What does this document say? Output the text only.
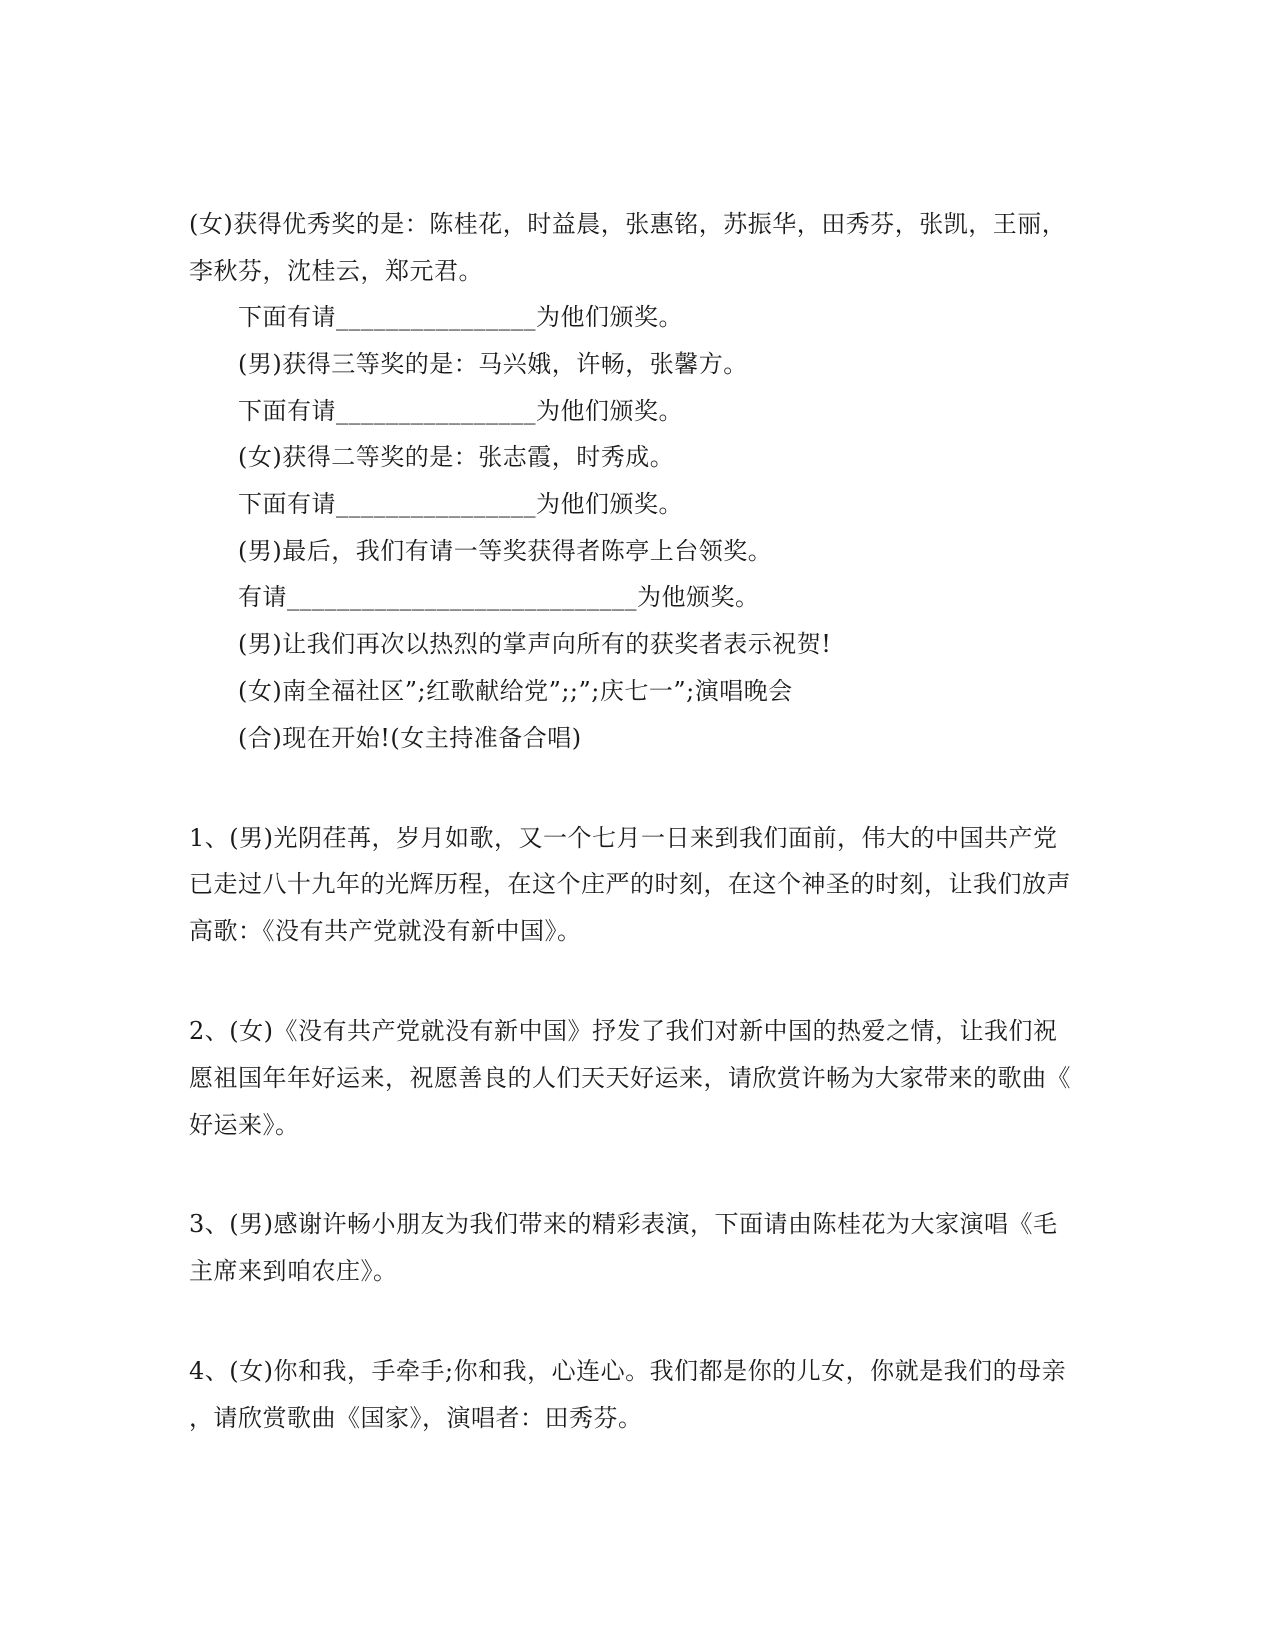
(女)获得优秀奖的是：陈桂花，时益晨，张惠铭，苏振华，田秀芬，张凯，王丽，
李秋芬，沈桂云，郑元君。
下面有请________________为他们颁奖。
(男)获得三等奖的是：马兴娥，许畅，张馨方。
下面有请________________为他们颁奖。
(女)获得二等奖的是：张志霞，时秀成。
下面有请________________为他们颁奖。
(男)最后，我们有请一等奖获得者陈亭上台领奖。
有请____________________________为他颁奖。
(男)让我们再次以热烈的掌声向所有的获奖者表示祝贺!
(女)南全福社区”;红歌献给党”;;”;庆七一”;演唱晚会
(合)现在开始!(女主持准备合唱)
1、(男)光阴荏苒，岁月如歌，又一个七月一日来到我们面前，伟大的中国共产党
已走过八十九年的光辉历程，在这个庄严的时刻，在这个神圣的时刻，让我们放声
高歌：《没有共产党就没有新中国》。
2、(女)《没有共产党就没有新中国》抒发了我们对新中国的热爱之情，让我们祝
愿祖国年年好运来，祝愿善良的人们天天好运来，请欣赏许畅为大家带来的歌曲《
好运来》。
3、(男)感谢许畅小朋友为我们带来的精彩表演，下面请由陈桂花为大家演唱《毛
主席来到咱农庄》。
4、(女)你和我，手牵手;你和我，心连心。我们都是你的儿女，你就是我们的母亲
，请欣赏歌曲《国家》，演唱者：田秀芬。
